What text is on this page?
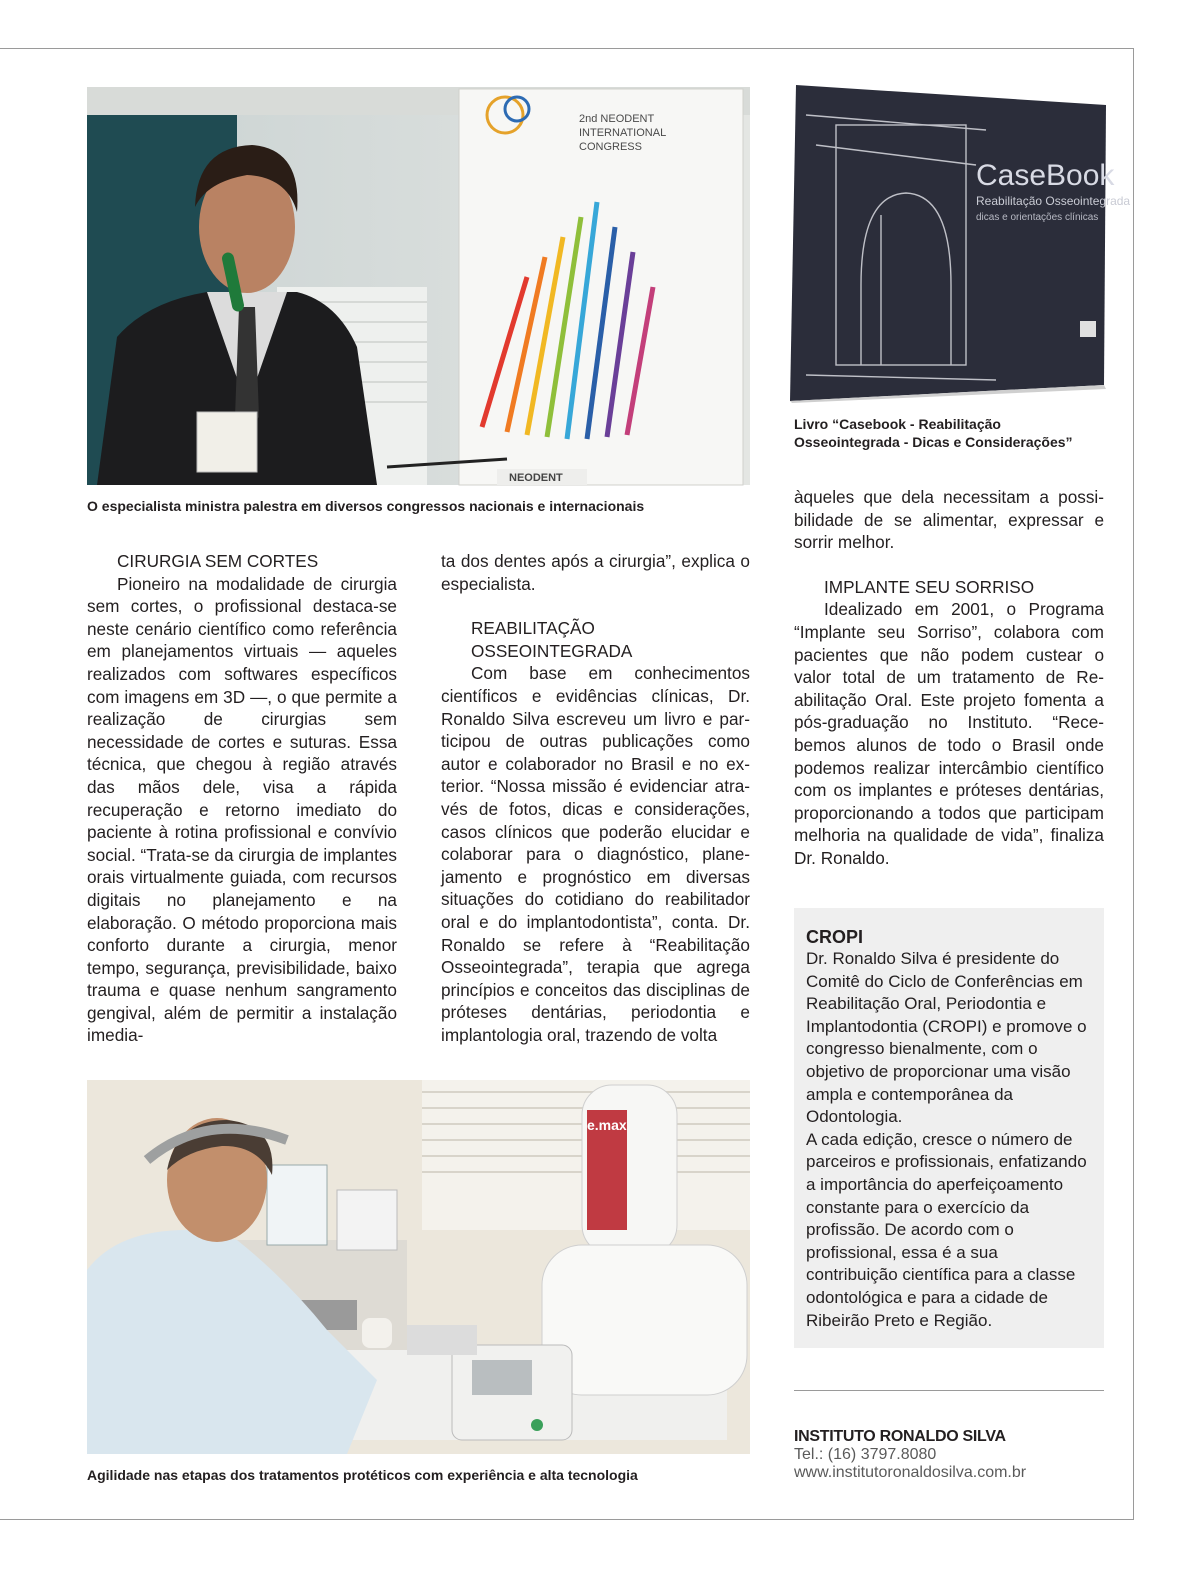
2nd NEODENT
INTERNATIONAL
CONGRESS
NEODENT
O especialista ministra palestra em diversos congressos nacionais e internacionais
CaseBook
Reabilitação Osseointegrada
dicas e orientações clínicas
Livro “Casebook - Reabilitação Osseointegrada - Dicas e Considerações”
CIRURGIA SEM CORTES

Pioneiro na modalidade de cirurgia sem cortes, o profissional destaca-se neste cenário científico como referência em planejamentos virtuais — aqueles realizados com softwares específicos com imagens em 3D —, o que permite a realização de cirurgias sem necessidade de cortes e suturas. Essa técnica, que chegou à região através das mãos dele, visa a rápida recuperação e retorno imediato do paciente à rotina profissional e convívio social. “Trata-se da cirurgia de implantes orais virtualmente guiada, com recursos digitais no planejamento e na elaboração. O método proporciona mais conforto durante a cirurgia, menor tempo, segurança, previsibilidade, baixo trauma e quase nenhum sangramento gengival, além de permitir a instalação imedia-

ta dos dentes após a cirurgia”, explica o especialista.

REABILITAÇÃO
OSSEOINTEGRADA

Com base em conhecimentos científicos e evidências clínicas, Dr. Ronaldo Silva escreveu um livro e participou de outras publicações como autor e colaborador no Brasil e no exterior. “Nossa missão é evidenciar através de fotos, dicas e considerações, casos clínicos que poderão elucidar e colaborar para o diagnóstico, planejamento e prognóstico em diversas situações do cotidiano do reabilitador oral e do implantodontista”, conta. Dr. Ronaldo se refere à “Reabilitação Osseointegrada”, terapia que agrega princípios e conceitos das disciplinas de próteses dentárias, periodontia e implantologia oral, trazendo de volta

àqueles que dela necessitam a possibilidade de se alimentar, expressar e sorrir melhor.

IMPLANTE SEU SORRISO

Idealizado em 2001, o Programa “Implante seu Sorriso”, colabora com pacientes que não podem custear o valor total de um tratamento de Reabilitação Oral. Este projeto fomenta a pós-graduação no Instituto. “Recebemos alunos de todo o Brasil onde podemos realizar intercâmbio científico com os implantes e próteses dentárias, proporcionando a todos que participam melhoria na qualidade de vida”, finaliza Dr. Ronaldo.

CROPI

Dr. Ronaldo Silva é presidente do Comitê do Ciclo de Conferências em Reabilitação Oral, Periodontia e Implantodontia (CROPI) e promove o congresso bienalmente, com o objetivo de proporcionar uma visão ampla e contemporânea da Odontologia.

A cada edição, cresce o número de parceiros e profissionais, enfatizando a importância do aperfeiçoamento constante para o exercício da profissão. De acordo com o profissional, essa é a sua contribuição científica para a classe odontológica e para a cidade de Ribeirão Preto e Região.

e.max
Agilidade nas etapas dos tratamentos protéticos com experiência e alta tecnologia
INSTITUTO RONALDO SILVA
Tel.: (16) 3797.8080
www.institutoronaldosilva.com.br
